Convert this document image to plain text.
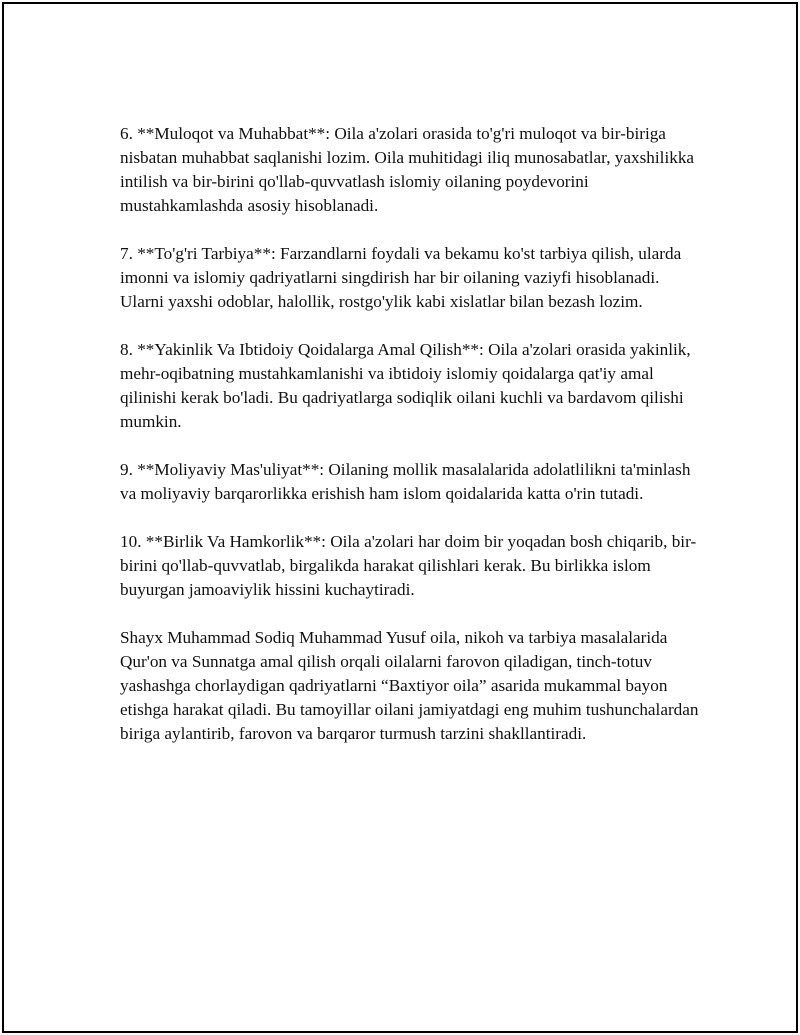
6. **Muloqot va Muhabbat**: Oila a'zolari orasida to'g'ri muloqot va bir-biriga nisbatan muhabbat saqlanishi lozim. Oila muhitidagi iliq munosabatlar, yaxshilikka intilish va bir-birini qo'llab-quvvatlash islomiy oilaning poydevorini mustahkamlashda asosiy hisoblanadi.

7. **To'g'ri Tarbiya**: Farzandlarni foydali va bekamu ko'st tarbiya qilish, ularda imonni va islomiy qadriyatlarni singdirish har bir oilaning vaziyfi hisoblanadi. Ularni yaxshi odoblar, halollik, rostgo'ylik kabi xislatlar bilan bezash lozim.

8. **Yakinlik Va Ibtidoiy Qoidalarga Amal Qilish**: Oila a'zolari orasida yakinlik, mehr-oqibatning mustahkamlanishi va ibtidoiy islomiy qoidalarga qat'iy amal qilinishi kerak bo'ladi. Bu qadriyatlarga sodiqlik oilani kuchli va bardavom qilishi mumkin.

9. **Moliyaviy Mas'uliyat**: Oilaning mollik masalalarida adolatlilikni ta'minlash va moliyaviy barqarorlikka erishish ham islom qoidalarida katta o'rin tutadi.

10. **Birlik Va Hamkorlik**: Oila a'zolari har doim bir yoqadan bosh chiqarib, bir-birini qo'llab-quvvatlab, birgalikda harakat qilishlari kerak. Bu birlikka islom buyurgan jamoaviylik hissini kuchaytiradi.

Shayx Muhammad Sodiq Muhammad Yusuf oila, nikoh va tarbiya masalalarida Qur'on va Sunnatga amal qilish orqali oilalarni farovon qiladigan, tinch-totuv yashashga chorlaydigan qadriyatlarni “Baxtiyor oila” asarida mukammal bayon etishga harakat qiladi. Bu tamoyillar oilani jamiyatdagi eng muhim tushunchalardan biriga aylantirib, farovon va barqaror turmush tarzini shakllantiradi.
